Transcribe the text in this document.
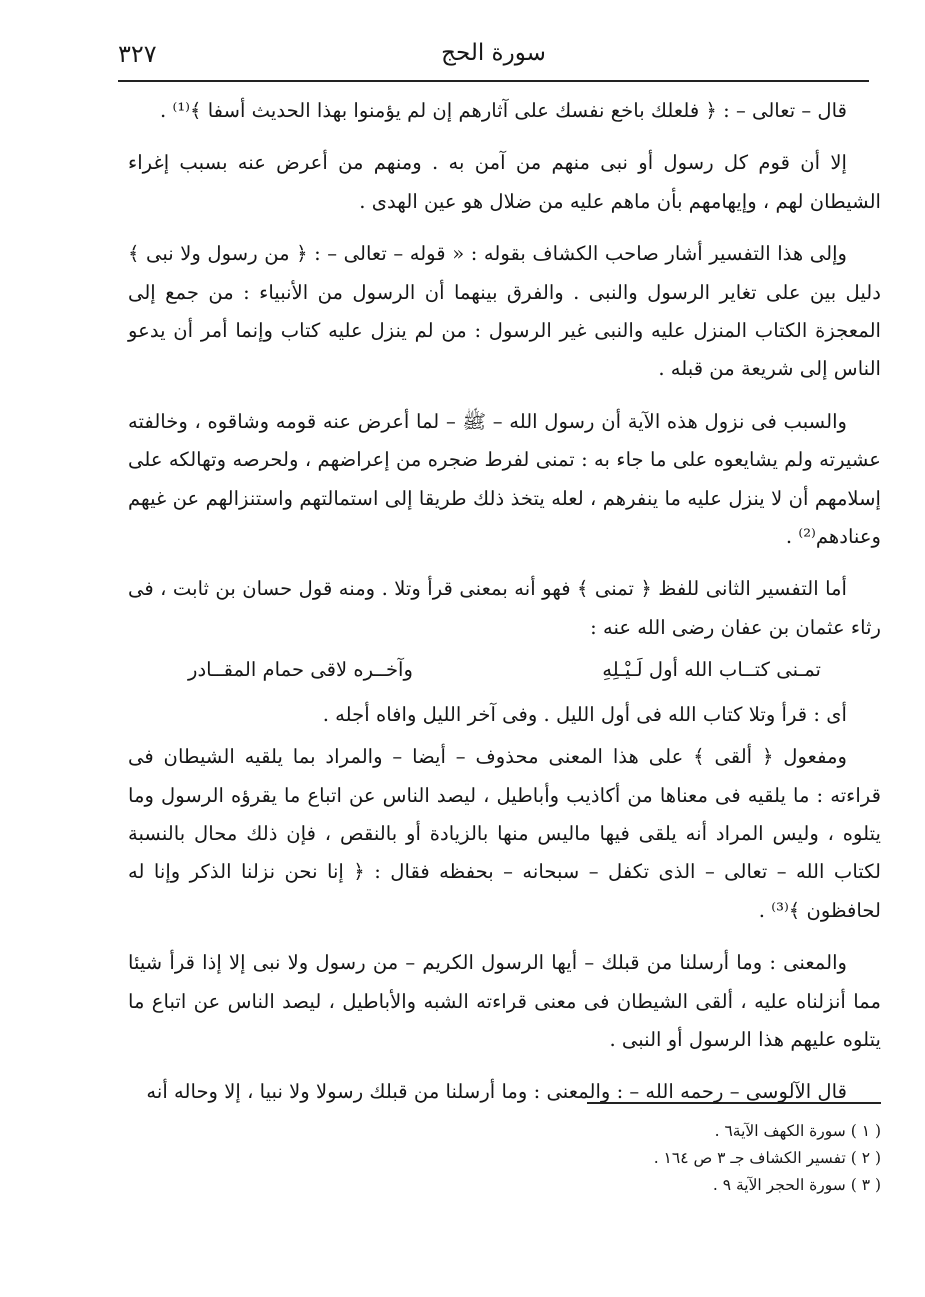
٣٢٧	سورة الحج

قال – تعالى – : ﴿ فلعلك باخع نفسك على آثارهم إن لم يؤمنوا بهذا الحديث أسفا ﴾⁽¹⁾ .

إلا أن قوم كل رسول أو نبى منهم من آمن به . ومنهم من أعرض عنه بسبب إغراء الشيطان لهم ، وإيهامهم بأن ماهم عليه من ضلال هو عين الهدى .

وإلى هذا التفسير أشار صاحب الكشاف بقوله : « قوله – تعالى – : ﴿ من رسول ولا نبى ﴾ دليل بين على تغاير الرسول والنبى . والفرق بينهما أن الرسول من الأنبياء : من جمع إلى المعجزة الكتاب المنزل عليه والنبى غير الرسول : من لم ينزل عليه كتاب وإنما أمر أن يدعو الناس إلى شريعة من قبله .

والسبب فى نزول هذه الآية أن رسول الله – ﷺ – لما أعرض عنه قومه وشاقوه ، وخالفته عشيرته ولم يشايعوه على ما جاء به : تمنى لفرط ضجره من إعراضهم ، ولحرصه وتهالكه على إسلامهم أن لا ينزل عليه ما ينفرهم ، لعله يتخذ ذلك طريقا إلى استمالتهم واستنزالهم عن غيهم وعنادهم⁽²⁾ .

أما التفسير الثانى للفظ ﴿ تمنى ﴾ فهو أنه بمعنى قرأ وتلا . ومنه قول حسان بن ثابت ، فى رثاء عثمان بن عفان رضى الله عنه :

تمـنى كتــاب الله أول لَـيْـلِهِ
وآخــره لاقى حمام المقــادر

أى : قرأ وتلا كتاب الله فى أول الليل . وفى آخر الليل وافاه أجله .

ومفعول ﴿ ألقى ﴾ على هذا المعنى محذوف – أيضا – والمراد بما يلقيه الشيطان فى قراءته : ما يلقيه فى معناها من أكاذيب وأباطيل ، ليصد الناس عن اتباع ما يقرؤه الرسول وما يتلوه ، وليس المراد أنه يلقى فيها ماليس منها بالزيادة أو بالنقص ، فإن ذلك محال بالنسبة لكتاب الله – تعالى – الذى تكفل – سبحانه – بحفظه فقال : ﴿ إنا نحن نزلنا الذكر وإنا له لحافظون ﴾⁽³⁾ .

والمعنى : وما أرسلنا من قبلك – أيها الرسول الكريم – من رسول ولا نبى إلا إذا قرأ شيئا مما أنزلناه عليه ، ألقى الشيطان فى معنى قراءته الشبه والأباطيل ، ليصد الناس عن اتباع ما يتلوه عليهم هذا الرسول أو النبى .

قال الآلوسى – رحمه الله – : والمعنى : وما أرسلنا من قبلك رسولا ولا نبيا ، إلا وحاله أنه

( ١ ) سورة الكهف الآية٦ .
( ٢ ) تفسير الكشاف جـ ٣ ص ١٦٤ .
( ٣ ) سورة الحجر الآية ٩ .
